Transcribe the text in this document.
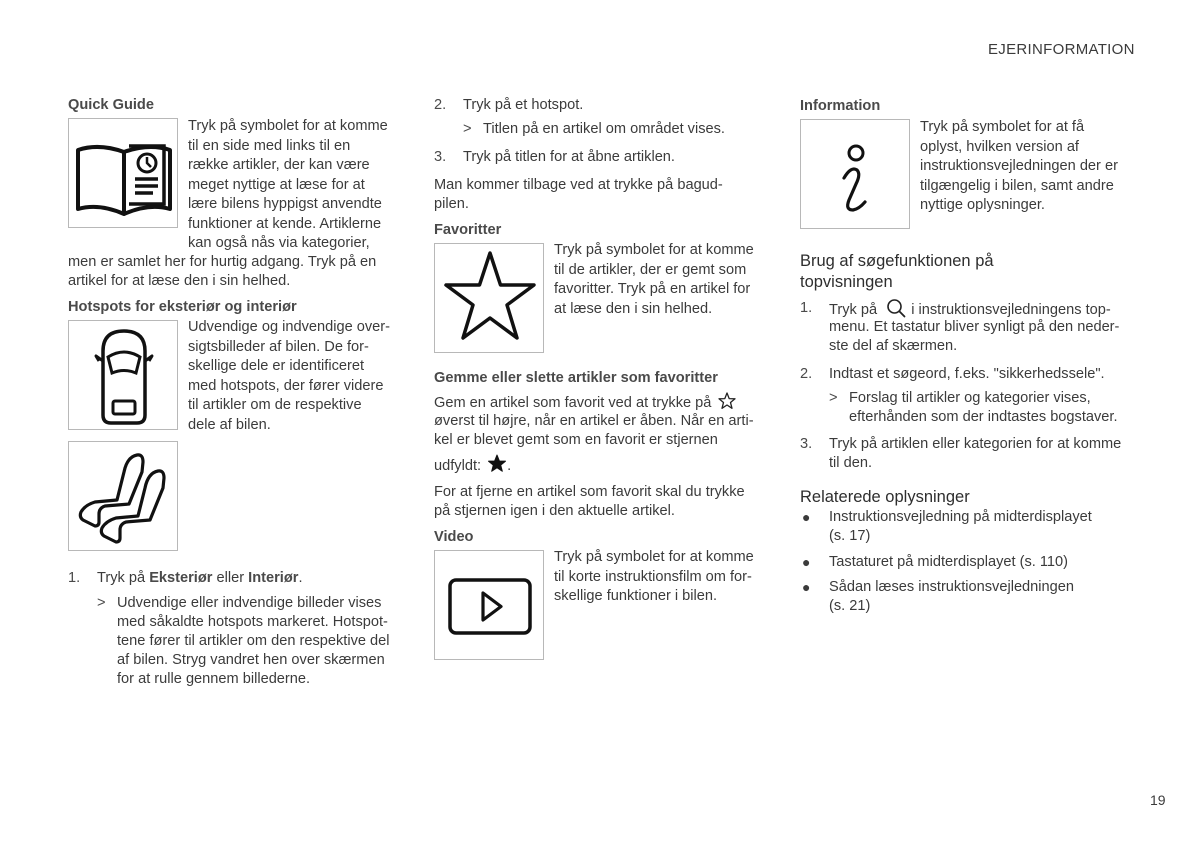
EJERINFORMATION
Quick Guide
Tryk på symbolet for at komme
til en side med links til en
række artikler, der kan være
meget nyttige at læse for at
lære bilens hyppigst anvendte
funktioner at kende. Artiklerne
kan også nås via kategorier,
men er samlet her for hurtig adgang. Tryk på en
artikel for at læse den i sin helhed.
Hotspots for eksteriør og interiør
Udvendige og indvendige over-
sigtsbilleder af bilen. De for-
skellige dele er identificeret
med hotspots, der fører videre
til artikler om de respektive
dele af bilen.
1. Tryk på Eksteriør eller Interiør.
> Udvendige eller indvendige billeder vises
med såkaldte hotspots markeret. Hotspot-
tene fører til artikler om den respektive del
af bilen. Stryg vandret hen over skærmen
for at rulle gennem billederne.
2. Tryk på et hotspot.
> Titlen på en artikel om området vises.
3. Tryk på titlen for at åbne artiklen.
Man kommer tilbage ved at trykke på bagud-
pilen.
Favoritter
Tryk på symbolet for at komme
til de artikler, der er gemt som
favoritter. Tryk på en artikel for
at læse den i sin helhed.
Gemme eller slette artikler som favoritter
Gem en artikel som favorit ved at trykke på
øverst til højre, når en artikel er åben. Når en arti-
kel er blevet gemt som en favorit er stjernen
udfyldt: .
For at fjerne en artikel som favorit skal du trykke
på stjernen igen i den aktuelle artikel.
Video
Tryk på symbolet for at komme
til korte instruktionsfilm om for-
skellige funktioner i bilen.
Information
Tryk på symbolet for at få
oplyst, hvilken version af
instruktionsvejledningen der er
tilgængelig i bilen, samt andre
nyttige oplysninger.
Brug af søgefunktionen på
topvisningen
1. Tryk på i instruktionsvejledningens top-
menu. Et tastatur bliver synligt på den neder-
ste del af skærmen.
2. Indtast et søgeord, f.eks. "sikkerhedssele".
> Forslag til artikler og kategorier vises,
efterhånden som der indtastes bogstaver.
3. Tryk på artiklen eller kategorien for at komme
til den.
Relaterede oplysninger
● Instruktionsvejledning på midterdisplayet
(s. 17)
● Tastaturet på midterdisplayet (s. 110)
● Sådan læses instruktionsvejledningen
(s. 21)
19
